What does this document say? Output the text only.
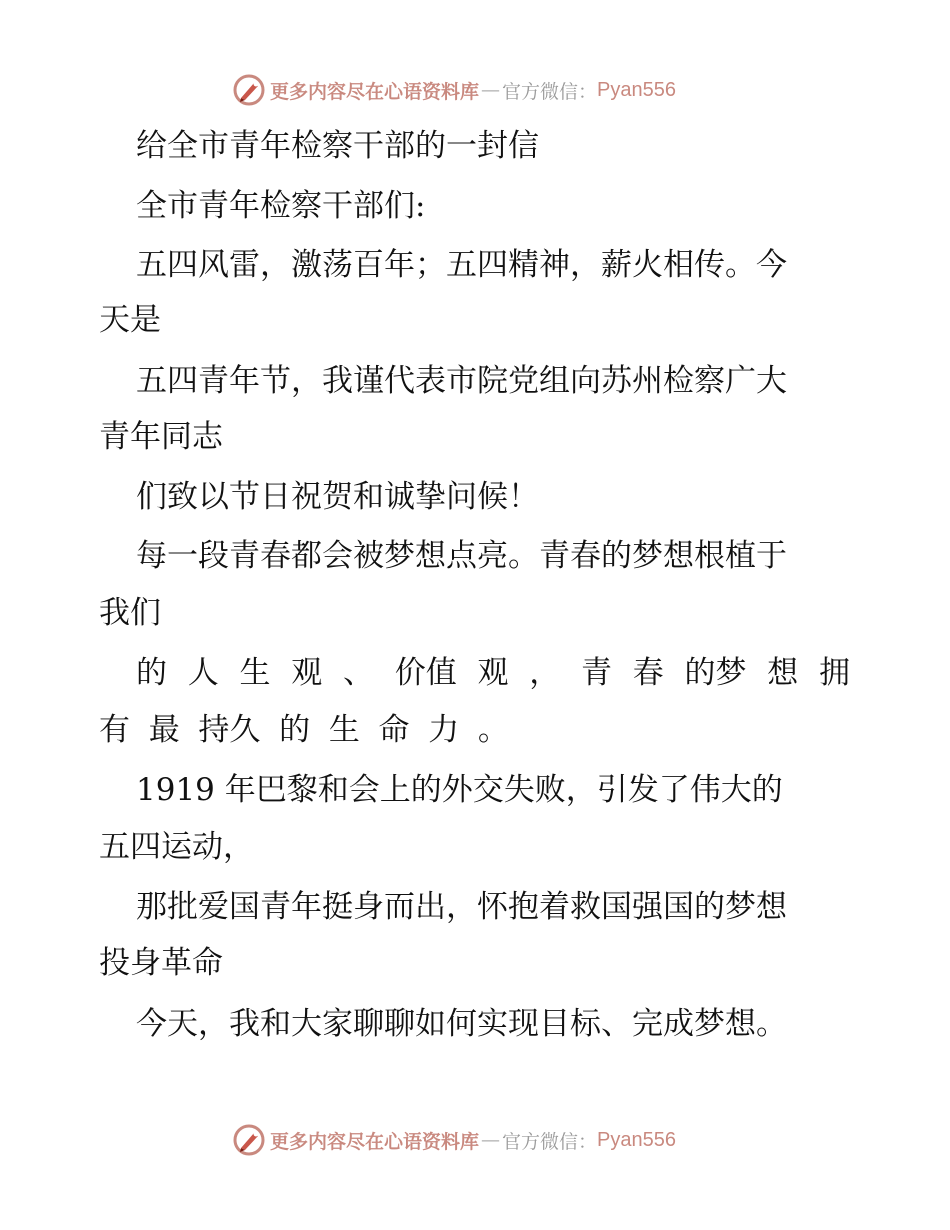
更多内容尽在心语资料库 — 官方微信： Pyan556
给全市青年检察干部的一封信
全市青年检察干部们:
五四风雷，激荡百年；五四精神，薪火相传。今
天是
五四青年节，我谨代表市院党组向苏州检察广大
青年同志
们致以节日祝贺和诚挚问候！
每一段青春都会被梦想点亮。青春的梦想根植于
我们
的 人 生 观 、 价值 观 ， 青 春 的梦 想 拥
有 最 持久 的 生 命 力 。
1919 年巴黎和会上的外交失败，引发了伟大的
五四运动，
那批爱国青年挺身而出，怀抱着救国强国的梦想
投身革命
今天，我和大家聊聊如何实现目标、完成梦想。
更多内容尽在心语资料库 — 官方微信： Pyan556
